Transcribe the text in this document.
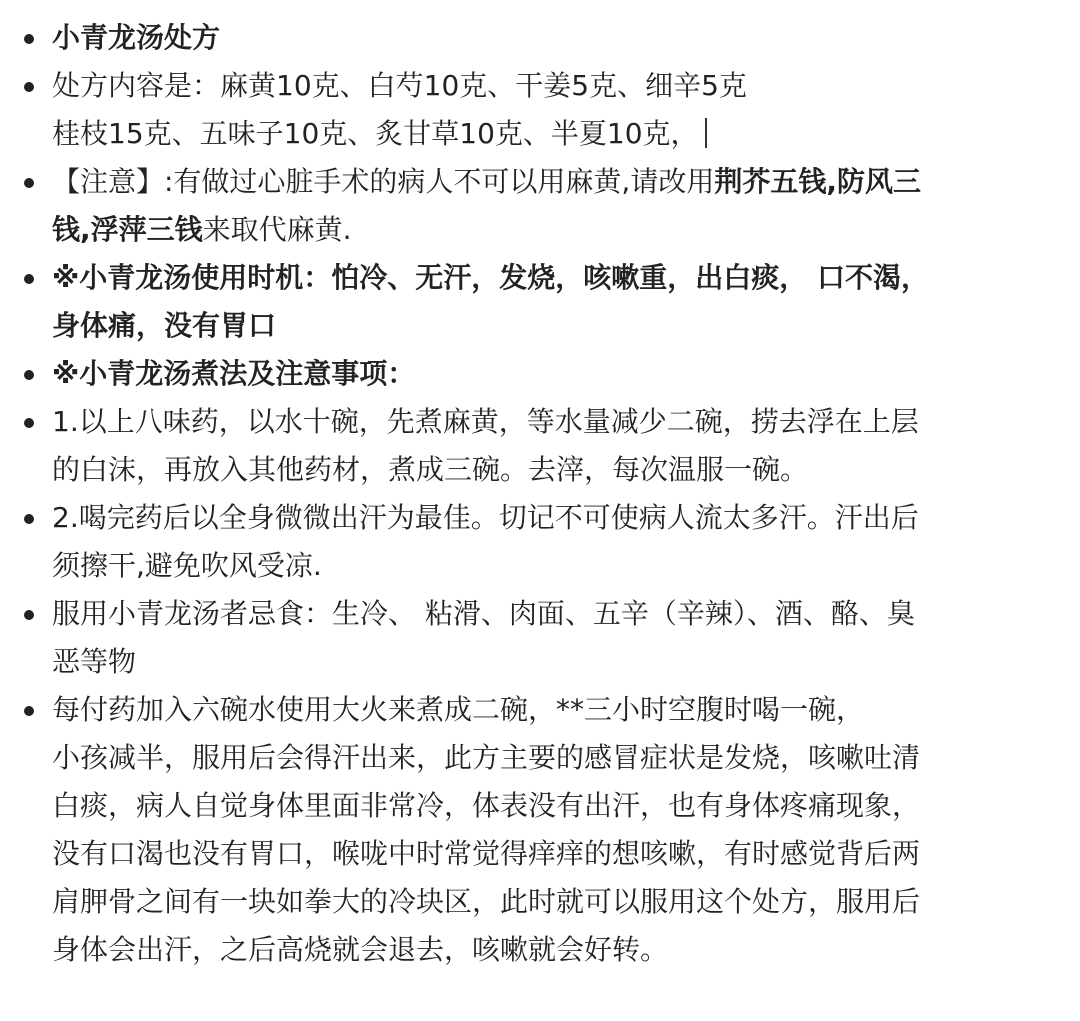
小青龙汤处方
处方内容是：麻黄10克、白芍10克、干姜5克、细辛5克
桂枝15克、五味子10克、炙甘草10克、半夏10克，
【注意】:有做过心脏手术的病人不可以用麻黄,请改用荆芥五钱,防风三
钱,浮萍三钱来取代麻黄.
※小青龙汤使用时机：怕冷、无汗，发烧，咳嗽重，出白痰， 口不渴，
身体痛，没有胃口
※小青龙汤煮法及注意事项：
1.以上八味药，以水十碗，先煮麻黄，等水量减少二碗，捞去浮在上层
的白沫，再放入其他药材，煮成三碗。去滓，每次温服一碗。
2.喝完药后以全身微微出汗为最佳。切记不可使病人流太多汗。汗出后
须擦干,避免吹风受凉.
服用小青龙汤者忌食：生冷、 粘滑、肉面、五辛（辛辣）、酒、酪、臭
恶等物
每付药加入六碗水使用大火来煮成二碗，**三小时空腹时喝一碗，
小孩减半，服用后会得汗出来，此方主要的感冒症状是发烧，咳嗽吐清
白痰，病人自觉身体里面非常冷，体表没有出汗，也有身体疼痛现象，
没有口渴也没有胃口，喉咙中时常觉得痒痒的想咳嗽，有时感觉背后两
肩胛骨之间有一块如拳大的冷块区，此时就可以服用这个处方，服用后
身体会出汗，之后高烧就会退去，咳嗽就会好转。
